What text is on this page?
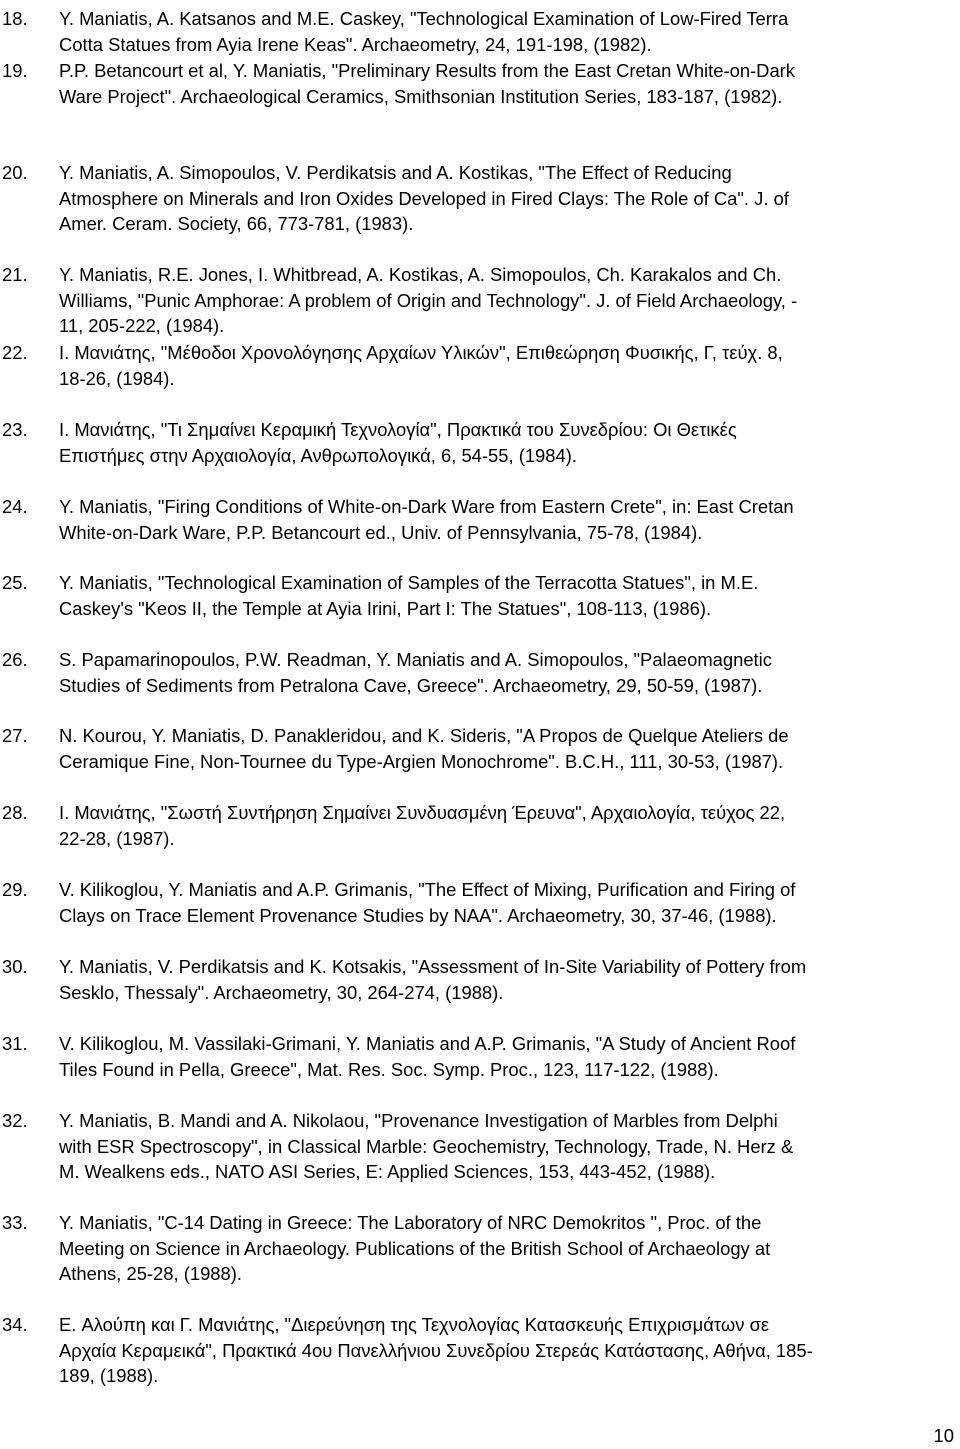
18. Y. Maniatis, A. Katsanos and M.E. Caskey, "Technological Examination of Low-Fired Terra
Cotta Statues from Ayia Irene Keas". Archaeometry, 24, 191-198, (1982).

19. P.P. Betancourt et al, Y. Maniatis, "Preliminary Results from the East Cretan White-on-Dark
Ware Project". Archaeological Ceramics, Smithsonian Institution Series, 183-187, (1982).

20. Y. Maniatis, A. Simopoulos, V. Perdikatsis and A. Kostikas, "The Effect of Reducing
Atmosphere on Minerals and Iron Oxides Developed in Fired Clays: The Role of Ca". J. of
Amer. Ceram. Society, 66, 773-781, (1983).

21. Y. Maniatis, R.E. Jones, I. Whitbread, A. Kostikas, A. Simopoulos, Ch. Karakalos and Ch.
Williams, "Punic Amphorae: A problem of Origin and Technology". J. of Field Archaeology, -
11, 205-222, (1984).

22. I. Μανιάτης, "Μέθοδοι Χρονολόγησης Αρχαίων Υλικών", Επιθεώρηση Φυσικής, Γ, τεύχ. 8,
18-26, (1984).

23. I. Μανιάτης, "Τι Σημαίνει Κεραμική Τεχνολογία", Πρακτικά του Συνεδρίου: Οι Θετικές
Επιστήμες στην Αρχαιολογία, Ανθρωπολογικά, 6, 54-55, (1984).

24. Y. Maniatis, "Firing Conditions of White-on-Dark Ware from Eastern Crete", in: East Cretan
White-on-Dark Ware, P.P. Betancourt ed., Univ. of Pennsylvania, 75-78, (1984).

25. Y. Maniatis, "Technological Examination of Samples of the Terracotta Statues", in M.E.
Caskey's "Keos II, the Temple at Ayia Irini, Part I: The Statues", 108-113, (1986).

26. S. Papamarinopoulos, P.W. Readman, Y. Maniatis and A. Simopoulos, "Palaeomagnetic
Studies of Sediments from Petralona Cave, Greece". Archaeometry, 29, 50-59, (1987).

27. N. Kourou, Y. Maniatis, D. Panakleridou, and K. Sideris, "A Propos de Quelque Ateliers de
Ceramique Fine, Non-Tournee du Type-Argien Monochrome". B.C.H., 111, 30-53, (1987).

28. I. Μανιάτης, "Σωστή Συντήρηση Σημαίνει Συνδυασμένη Έρευνα", Αρχαιολογία, τεύχος 22,
22-28, (1987).

29. V. Kilikoglou, Y. Maniatis and A.P. Grimanis, "The Effect of Mixing, Purification and Firing of
Clays on Trace Element Provenance Studies by NAA". Archaeometry, 30, 37-46, (1988).

30. Y. Maniatis, V. Perdikatsis and K. Kotsakis, "Assessment of In-Site Variability of Pottery from
Sesklo, Thessaly". Archaeometry, 30, 264-274, (1988).

31. V. Kilikoglou, M. Vassilaki-Grimani, Y. Maniatis and A.P. Grimanis, "A Study of Ancient Roof
Tiles Found in Pella, Greece", Mat. Res. Soc. Symp. Proc., 123, 117-122, (1988).

32. Y. Maniatis, B. Mandi and A. Nikolaou, "Provenance Investigation of Marbles from Delphi
with ESR Spectroscopy", in Classical Marble: Geochemistry, Technology, Trade, N. Herz &
M. Wealkens eds., NATO ASI Series, E: Applied Sciences, 153, 443-452, (1988).

33. Y. Maniatis, "C-14 Dating in Greece: The Laboratory of NRC Demokritos ", Proc. of the
Meeting on Science in Archaeology. Publications of the British School of Archaeology at
Athens, 25-28, (1988).

34. E. Αλούπη και Γ. Μανιάτης, "Διερεύνηση της Τεχνολογίας Κατασκευής Επιχρισμάτων σε
Αρχαία Κεραμεικά", Πρακτικά 4ου Πανελλήνιου Συνεδρίου Στερεάς Κατάστασης, Αθήνα, 185-
189, (1988).

10
